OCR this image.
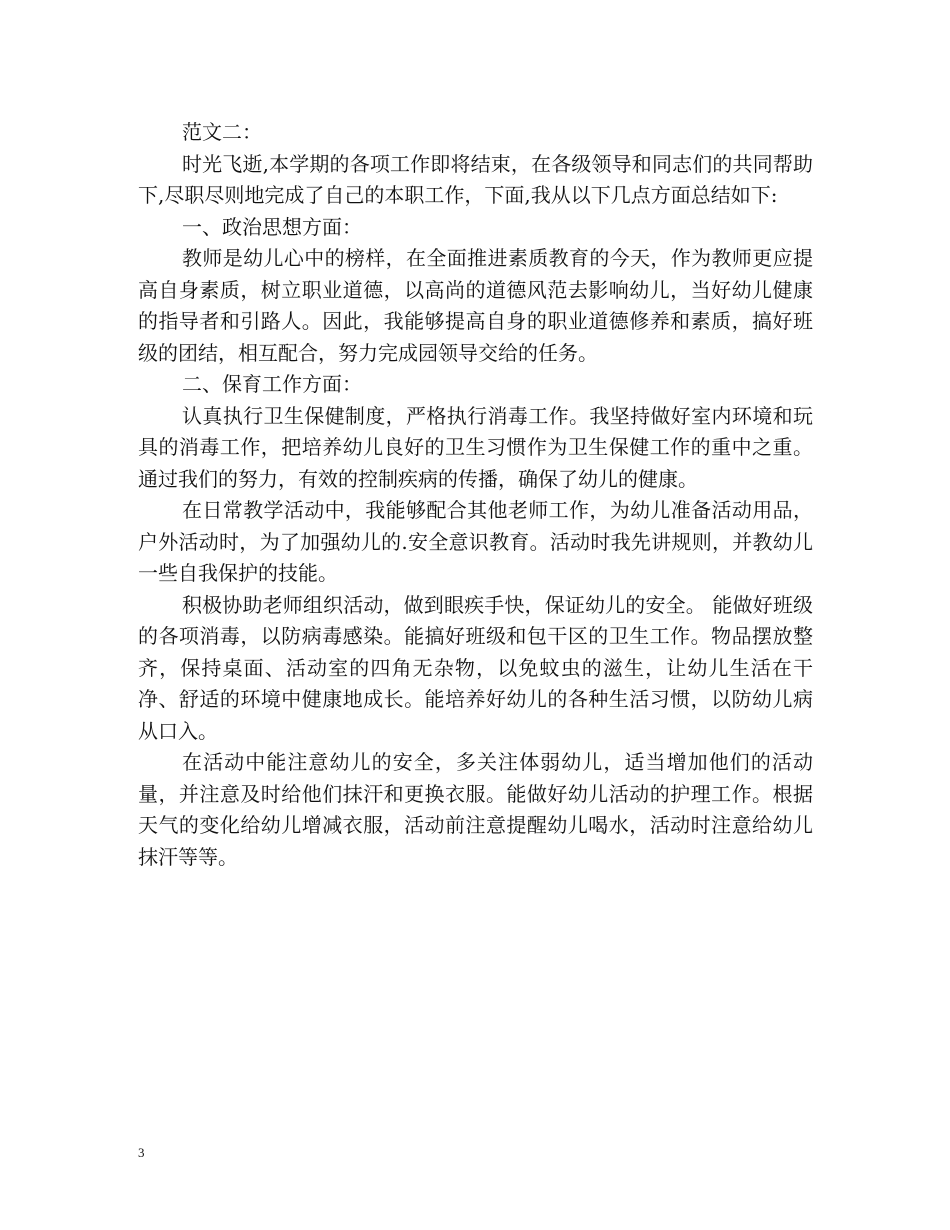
范文二：

时光飞逝,本学期的各项工作即将结束，在各级领导和同志们的共同帮助下,尽职尽则地完成了自己的本职工作，下面,我从以下几点方面总结如下:

一、政治思想方面：

教师是幼儿心中的榜样，在全面推进素质教育的今天，作为教师更应提高自身素质，树立职业道德，以高尚的道德风范去影响幼儿，当好幼儿健康的指导者和引路人。因此，我能够提高自身的职业道德修养和素质，搞好班级的团结，相互配合，努力完成园领导交给的任务。

二、保育工作方面：

认真执行卫生保健制度，严格执行消毒工作。我坚持做好室内环境和玩具的消毒工作，把培养幼儿良好的卫生习惯作为卫生保健工作的重中之重。通过我们的努力，有效的控制疾病的传播，确保了幼儿的健康。

在日常教学活动中，我能够配合其他老师工作，为幼儿准备活动用品，户外活动时，为了加强幼儿的.安全意识教育。活动时我先讲规则，并教幼儿一些自我保护的技能。

积极协助老师组织活动，做到眼疾手快，保证幼儿的安全。 能做好班级的各项消毒，以防病毒感染。能搞好班级和包干区的卫生工作。物品摆放整齐，保持桌面、活动室的四角无杂物，以免蚊虫的滋生，让幼儿生活在干净、舒适的环境中健康地成长。能培养好幼儿的各种生活习惯，以防幼儿病从口入。

在活动中能注意幼儿的安全，多关注体弱幼儿，适当增加他们的活动 量，并注意及时给他们抹汗和更换衣服。能做好幼儿活动的护理工作。根据天气的变化给幼儿增减衣服，活动前注意提醒幼儿喝水，活动时注意给幼儿抹汗等等。

3
